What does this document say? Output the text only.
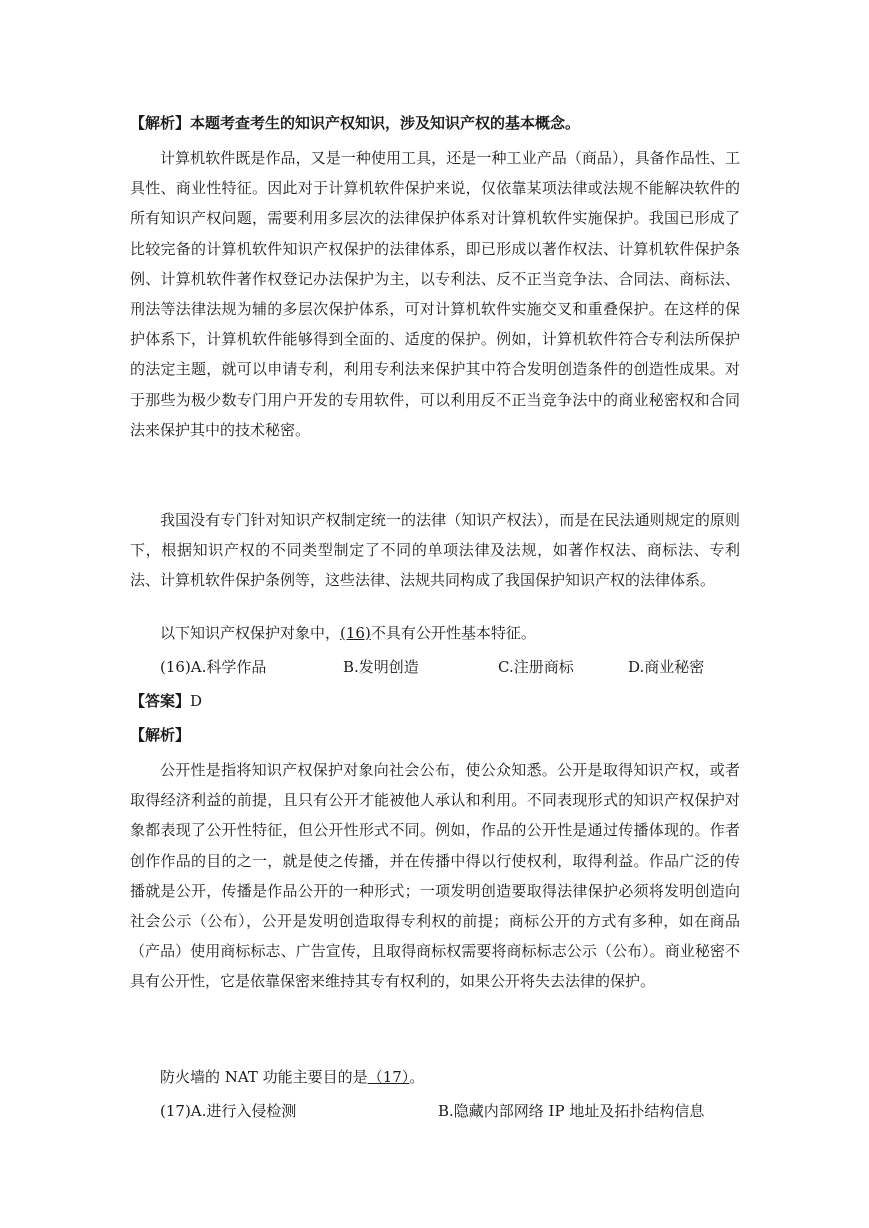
【解析】本题考查考生的知识产权知识，涉及知识产权的基本概念。

计算机软件既是作品，又是一种使用工具，还是一种工业产品（商品），具备作品性、工具性、商业性特征。因此对于计算机软件保护来说，仅依靠某项法律或法规不能解决软件的所有知识产权问题，需要利用多层次的法律保护体系对计算机软件实施保护。我国已形成了比较完备的计算机软件知识产权保护的法律体系，即已形成以著作权法、计算机软件保护条例、计算机软件著作权登记办法保护为主，以专利法、反不正当竞争法、合同法、商标法、刑法等法律法规为辅的多层次保护体系，可对计算机软件实施交叉和重叠保护。在这样的保护体系下，计算机软件能够得到全面的、适度的保护。例如，计算机软件符合专利法所保护的法定主题，就可以申请专利，利用专利法来保护其中符合发明创造条件的创造性成果。对于那些为极少数专门用户开发的专用软件，可以利用反不正当竞争法中的商业秘密权和合同法来保护其中的技术秘密。

我国没有专门针对知识产权制定统一的法律（知识产权法），而是在民法通则规定的原则下，根据知识产权的不同类型制定了不同的单项法律及法规，如著作权法、商标法、专利法、计算机软件保护条例等，这些法律、法规共同构成了我国保护知识产权的法律体系。

以下知识产权保护对象中，(16)不具有公开性基本特征。
(16)A.科学作品	B.发明创造	C.注册商标	D.商业秘密
【答案】D
【解析】

公开性是指将知识产权保护对象向社会公布，使公众知悉。公开是取得知识产权，或者取得经济利益的前提，且只有公开才能被他人承认和利用。不同表现形式的知识产权保护对象都表现了公开性特征，但公开性形式不同。例如，作品的公开性是通过传播体现的。作者创作作品的目的之一，就是使之传播，并在传播中得以行使权利，取得利益。作品广泛的传播就是公开，传播是作品公开的一种形式；一项发明创造要取得法律保护必须将发明创造向社会公示（公布），公开是发明创造取得专利权的前提；商标公开的方式有多种，如在商品（产品）使用商标标志、广告宣传，且取得商标权需要将商标标志公示（公布）。商业秘密不具有公开性，它是依靠保密来维持其专有权利的，如果公开将失去法律的保护。

防火墙的 NAT 功能主要目的是（17）。
(17)A.进行入侵检测	B.隐藏内部网络 IP 地址及拓扑结构信息
